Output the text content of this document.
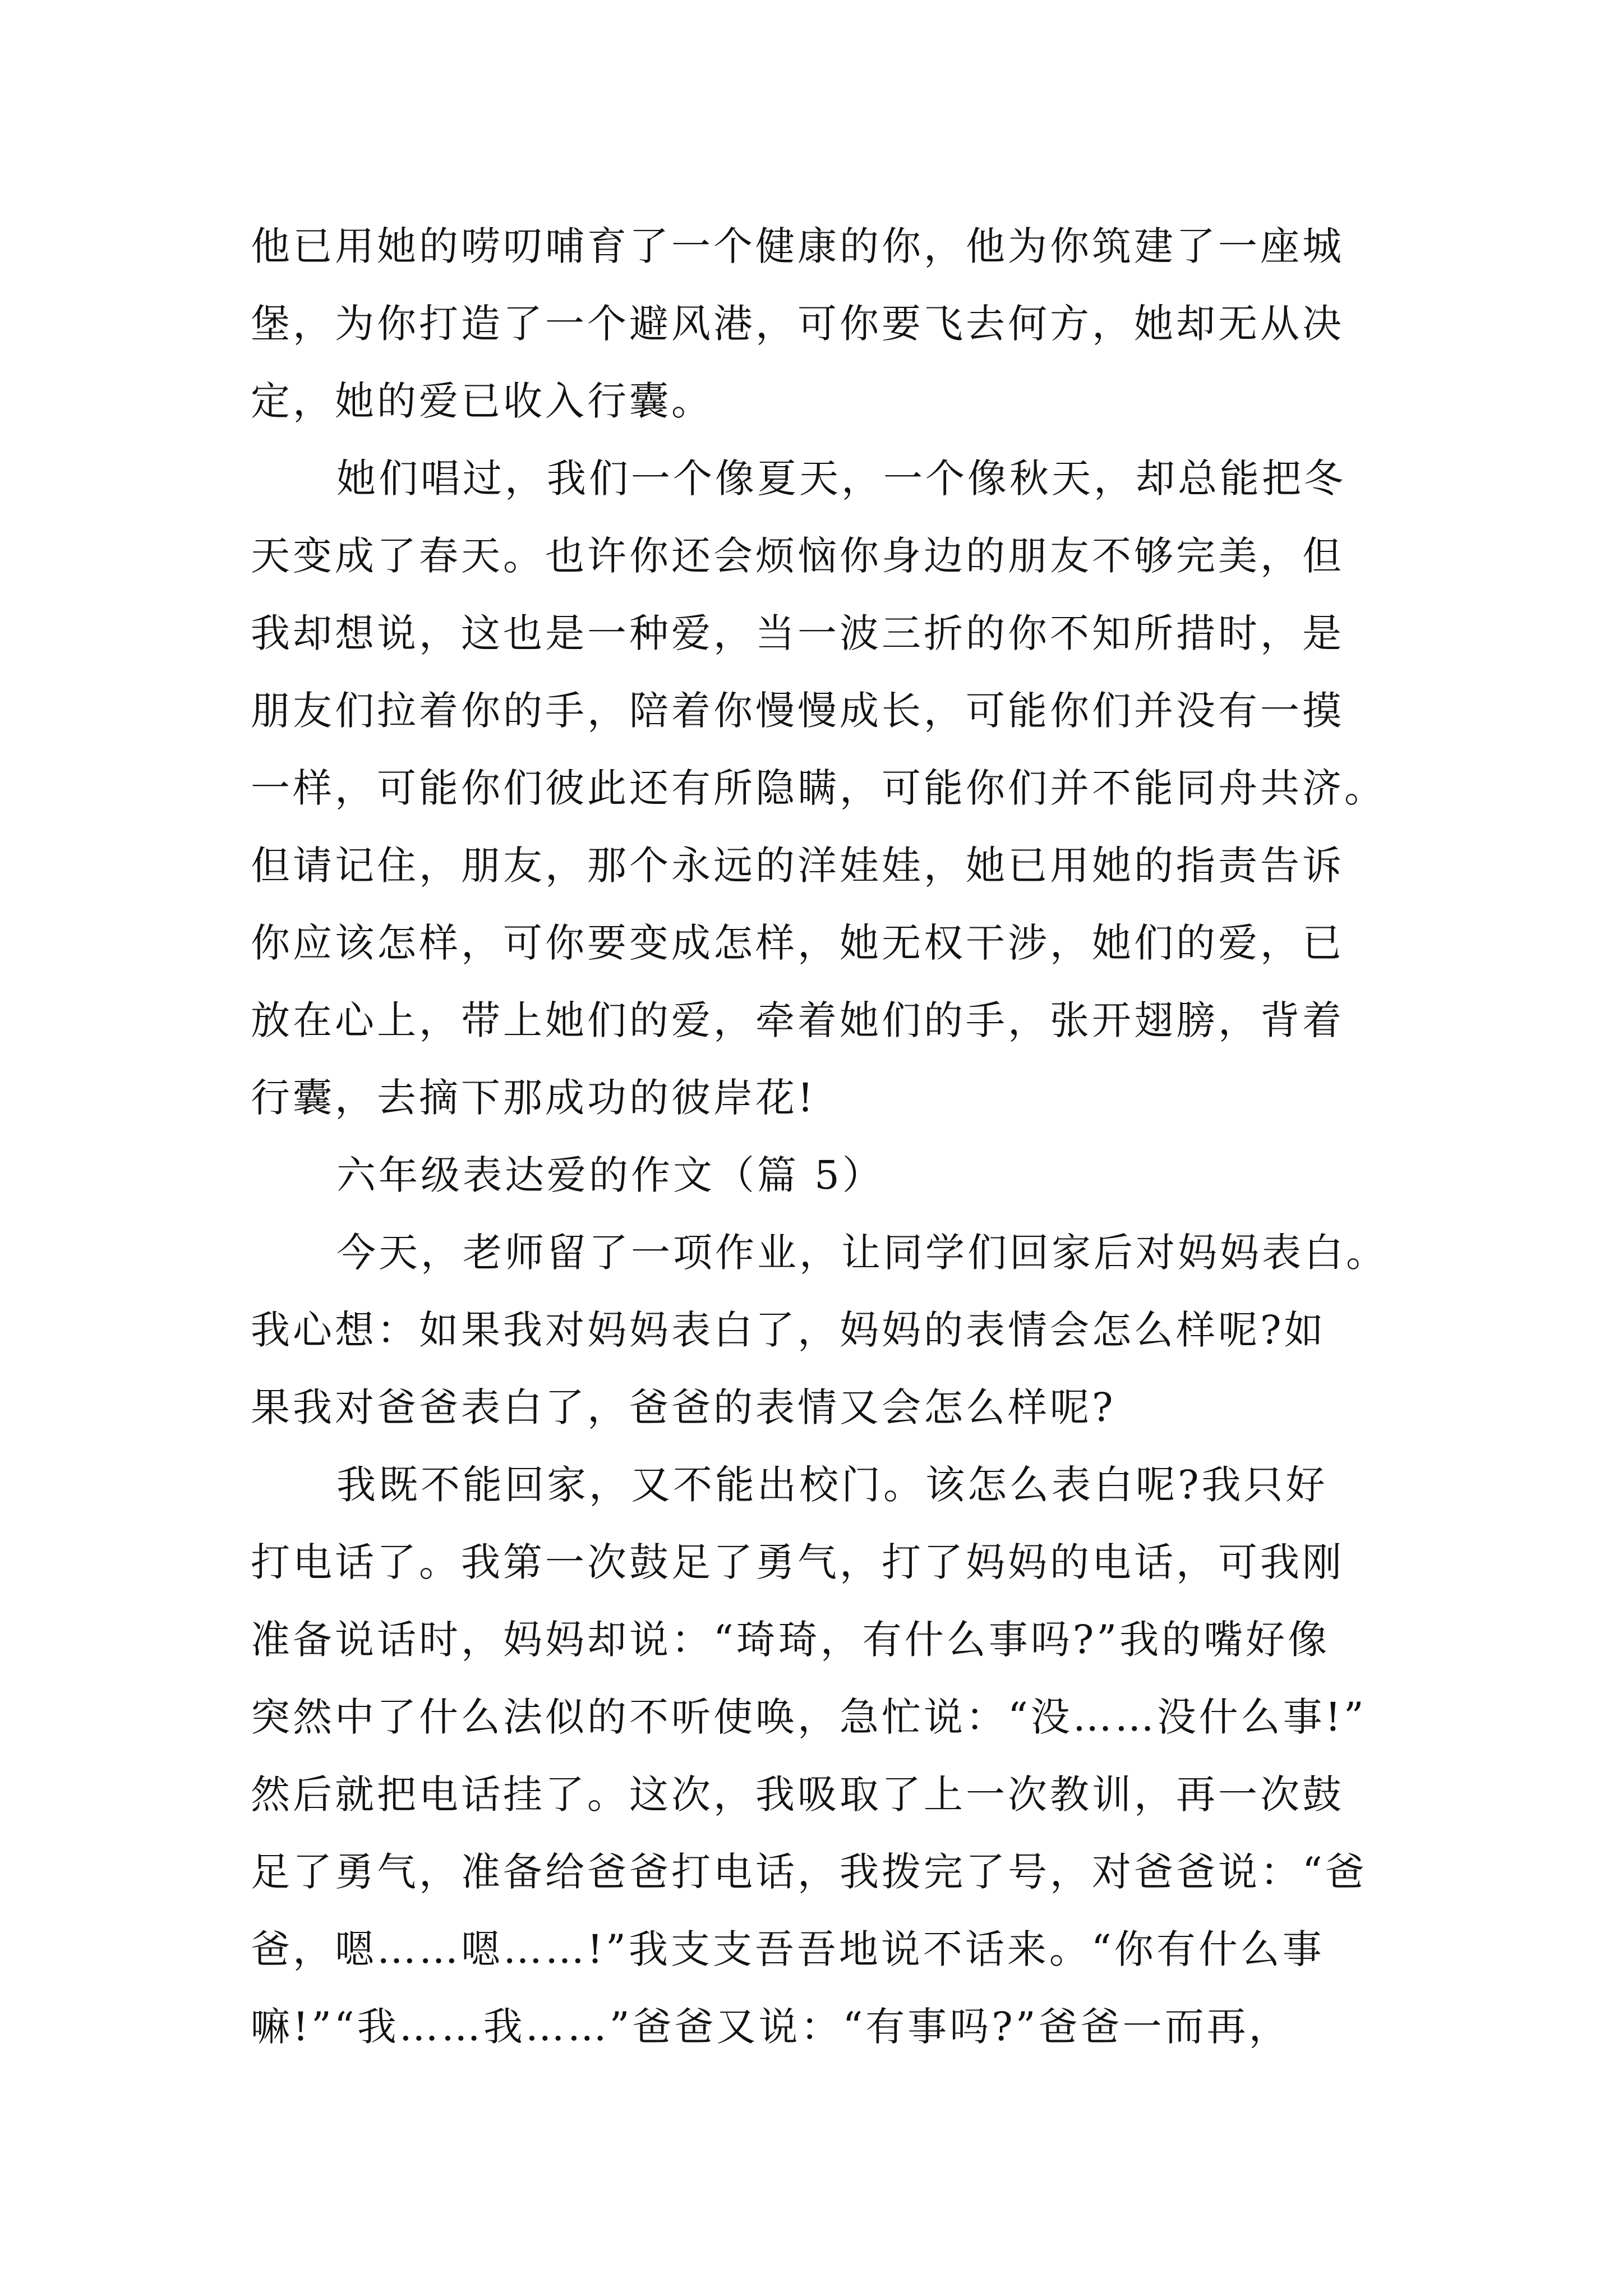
他已用她的唠叨哺育了一个健康的你，他为你筑建了一座城
堡，为你打造了一个避风港，可你要飞去何方，她却无从决
定，她的爱已收入行囊。
她们唱过，我们一个像夏天，一个像秋天，却总能把冬
天变成了春天。也许你还会烦恼你身边的朋友不够完美，但
我却想说，这也是一种爱，当一波三折的你不知所措时，是
朋友们拉着你的手，陪着你慢慢成长，可能你们并没有一摸
一样，可能你们彼此还有所隐瞒，可能你们并不能同舟共济。
但请记住，朋友，那个永远的洋娃娃，她已用她的指责告诉
你应该怎样，可你要变成怎样，她无权干涉，她们的爱，已
放在心上，带上她们的爱，牵着她们的手，张开翅膀，背着
行囊，去摘下那成功的彼岸花!
六年级表达爱的作文（篇 5）
今天，老师留了一项作业，让同学们回家后对妈妈表白。
我心想：如果我对妈妈表白了，妈妈的表情会怎么样呢?如
果我对爸爸表白了，爸爸的表情又会怎么样呢?
我既不能回家，又不能出校门。该怎么表白呢?我只好
打电话了。我第一次鼓足了勇气，打了妈妈的电话，可我刚
准备说话时，妈妈却说：“琦琦，有什么事吗?”我的嘴好像
突然中了什么法似的不听使唤，急忙说：“没……没什么事!”
然后就把电话挂了。这次，我吸取了上一次教训，再一次鼓
足了勇气，准备给爸爸打电话，我拨完了号，对爸爸说：“爸
爸，嗯……嗯……!”我支支吾吾地说不话来。“你有什么事
嘛!”“我……我……”爸爸又说：“有事吗?”爸爸一而再，
